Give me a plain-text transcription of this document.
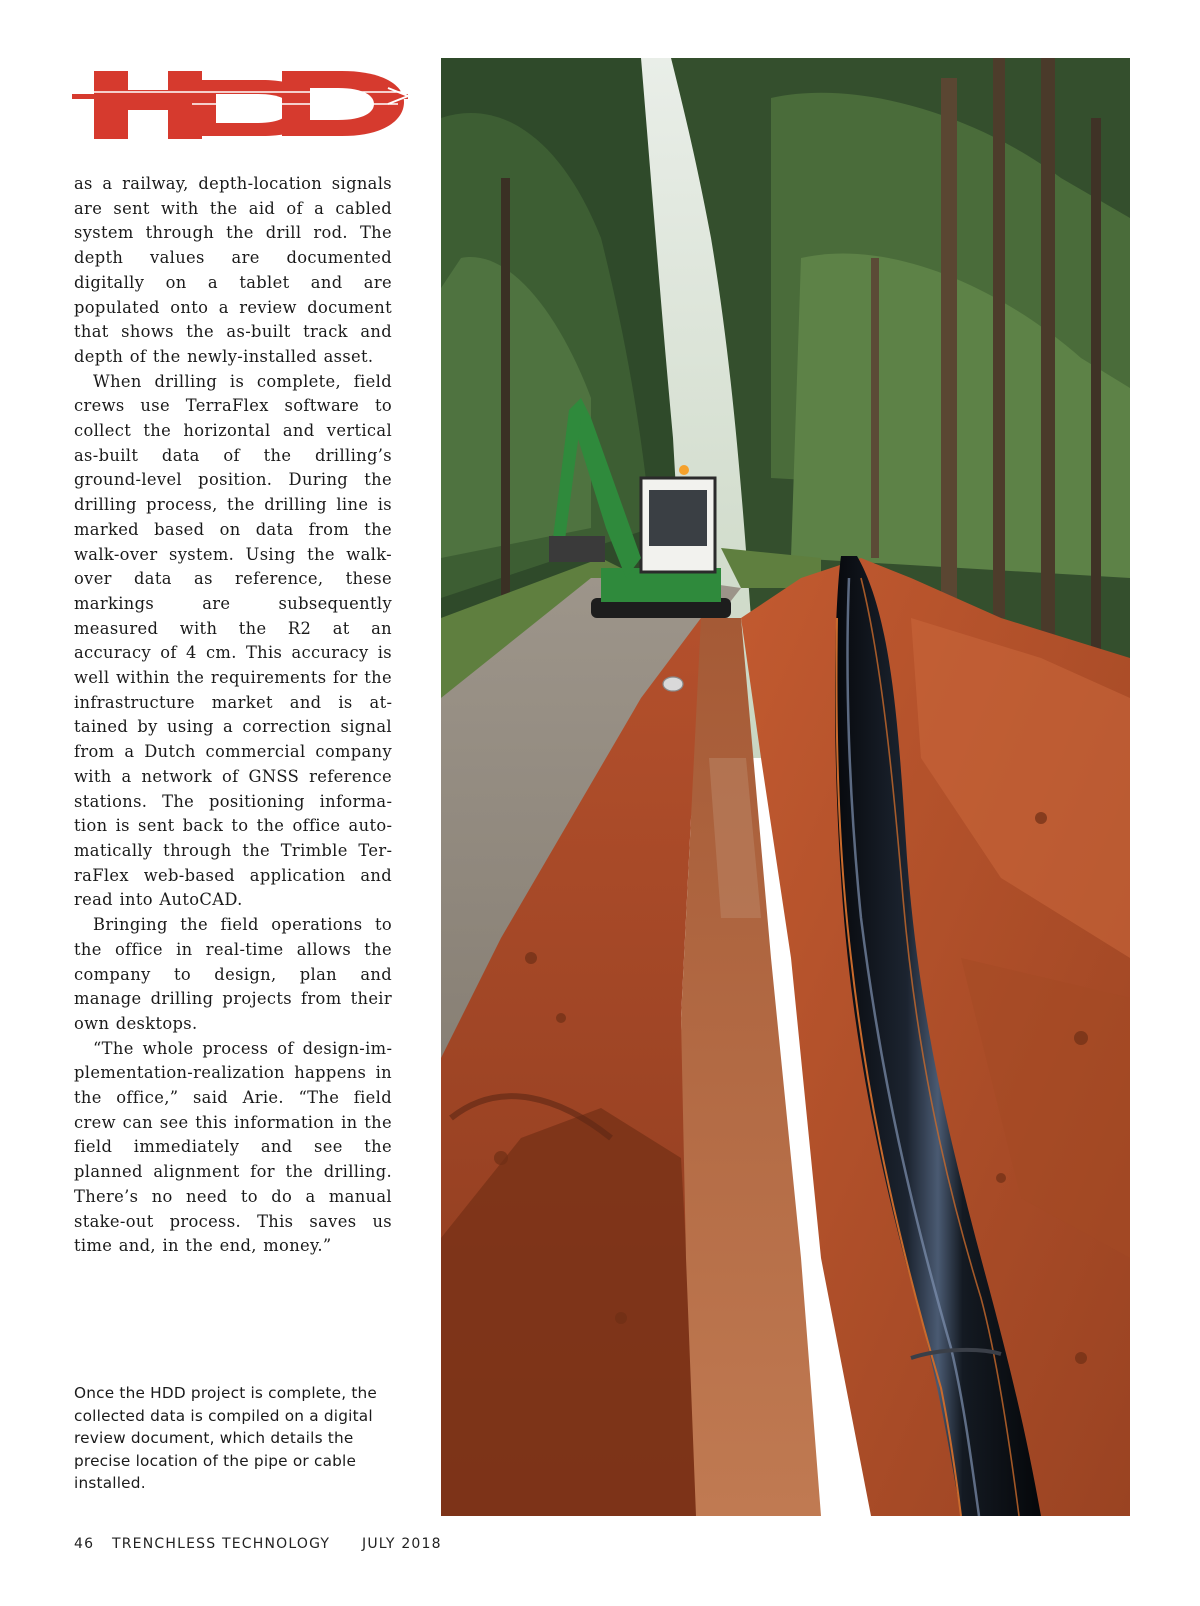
as a railway, depth-location signals are sent with the aid of a cabled system through the drill rod. The depth values are documented digitally on a tablet and are populated onto a review document that shows the as-built track and depth of the newly-installed asset.

When drilling is complete, field crews use TerraFlex software to collect the horizontal and vertical as-built data of the drilling’s ground-level position. During the drilling process, the drilling line is marked based on data from the walk-over system. Using the walk-over data as reference, these markings are subsequently measured with the R2 at an accuracy of 4 cm. This accuracy is well within the requirements for the infrastructure market and is attained by using a correction signal from a Dutch commercial company with a network of GNSS reference stations. The positioning information is sent back to the office automatically through the Trimble TerraFlex web-based application and read into AutoCAD.

Bringing the field operations to the office in real-time allows the company to design, plan and manage drilling projects from their own desktops.

“The whole process of design-implementation-realization happens in the office,” said Arie. “The field crew can see this information in the field immediately and see the planned alignment for the drilling. There’s no need to do a manual stake-out process. This saves us time and, in the end, money.”

Once the HDD project is complete, the collected data is compiled on a digital review document, which details the precise location of the pipe or cable installed.
46 TRENCHLESS TECHNOLOGY JULY 2018
